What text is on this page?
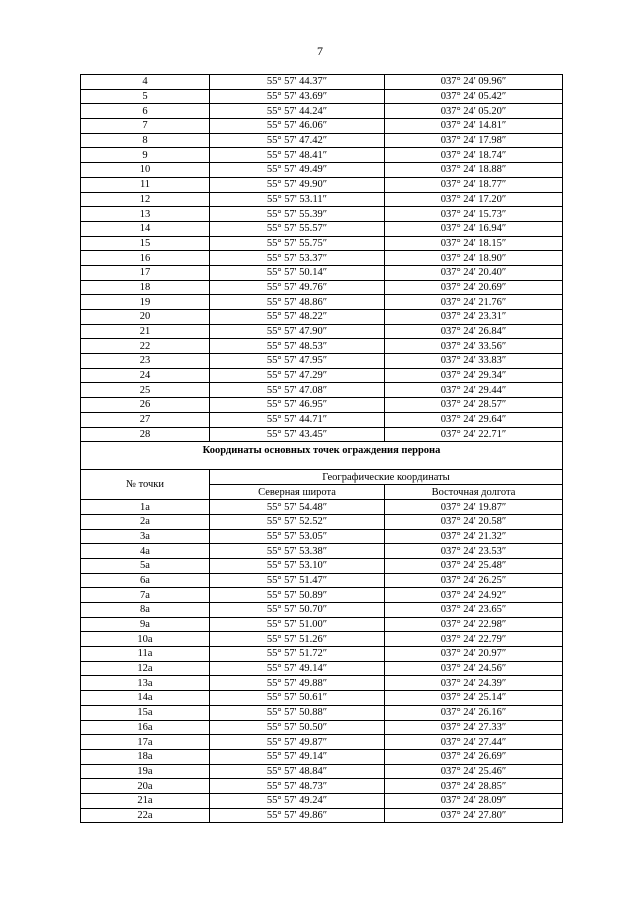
7
4	55° 57' 44.37″	037° 24' 09.96″
5	55° 57' 43.69″	037° 24' 05.42″
6	55° 57' 44.24″	037° 24' 05.20″
7	55° 57' 46.06″	037° 24' 14.81″
8	55° 57' 47.42″	037° 24' 17.98″
9	55° 57' 48.41″	037° 24' 18.74″
10	55° 57' 49.49″	037° 24' 18.88″
11	55° 57' 49.90″	037° 24' 18.77″
12	55° 57' 53.11″	037° 24' 17.20″
13	55° 57' 55.39″	037° 24' 15.73″
14	55° 57' 55.57″	037° 24' 16.94″
15	55° 57' 55.75″	037° 24' 18.15″
16	55° 57' 53.37″	037° 24' 18.90″
17	55° 57' 50.14″	037° 24' 20.40″
18	55° 57' 49.76″	037° 24' 20.69″
19	55° 57' 48.86″	037° 24' 21.76″
20	55° 57' 48.22″	037° 24' 23.31″
21	55° 57' 47.90″	037° 24' 26.84″
22	55° 57' 48.53″	037° 24' 33.56″
23	55° 57' 47.95″	037° 24' 33.83″
24	55° 57' 47.29″	037° 24' 29.34″
25	55° 57' 47.08″	037° 24' 29.44″
26	55° 57' 46.95″	037° 24' 28.57″
27	55° 57' 44.71″	037° 24' 29.64″
28	55° 57' 43.45″	037° 24' 22.71″
Координаты основных точек ограждения перрона		
№ точки	Географические координаты	
	Северная широта	Восточная долгота
1а	55° 57' 54.48″	037° 24' 19.87″
2а	55° 57' 52.52″	037° 24' 20.58″
3а	55° 57' 53.05″	037° 24' 21.32″
4а	55° 57' 53.38″	037° 24' 23.53″
5а	55° 57' 53.10″	037° 24' 25.48″
6а	55° 57' 51.47″	037° 24' 26.25″
7а	55° 57' 50.89″	037° 24' 24.92″
8а	55° 57' 50.70″	037° 24' 23.65″
9а	55° 57' 51.00″	037° 24' 22.98″
10а	55° 57' 51.26″	037° 24' 22.79″
11а	55° 57' 51.72″	037° 24' 20.97″
12а	55° 57' 49.14″	037° 24' 24.56″
13а	55° 57' 49.88″	037° 24' 24.39″
14а	55° 57' 50.61″	037° 24' 25.14″
15а	55° 57' 50.88″	037° 24' 26.16″
16а	55° 57' 50.50″	037° 24' 27.33″
17а	55° 57' 49.87″	037° 24' 27.44″
18а	55° 57' 49.14″	037° 24' 26.69″
19а	55° 57' 48.84″	037° 24' 25.46″
20а	55° 57' 48.73″	037° 24' 28.85″
21а	55° 57' 49.24″	037° 24' 28.09″
22а	55° 57' 49.86″	037° 24' 27.80″
